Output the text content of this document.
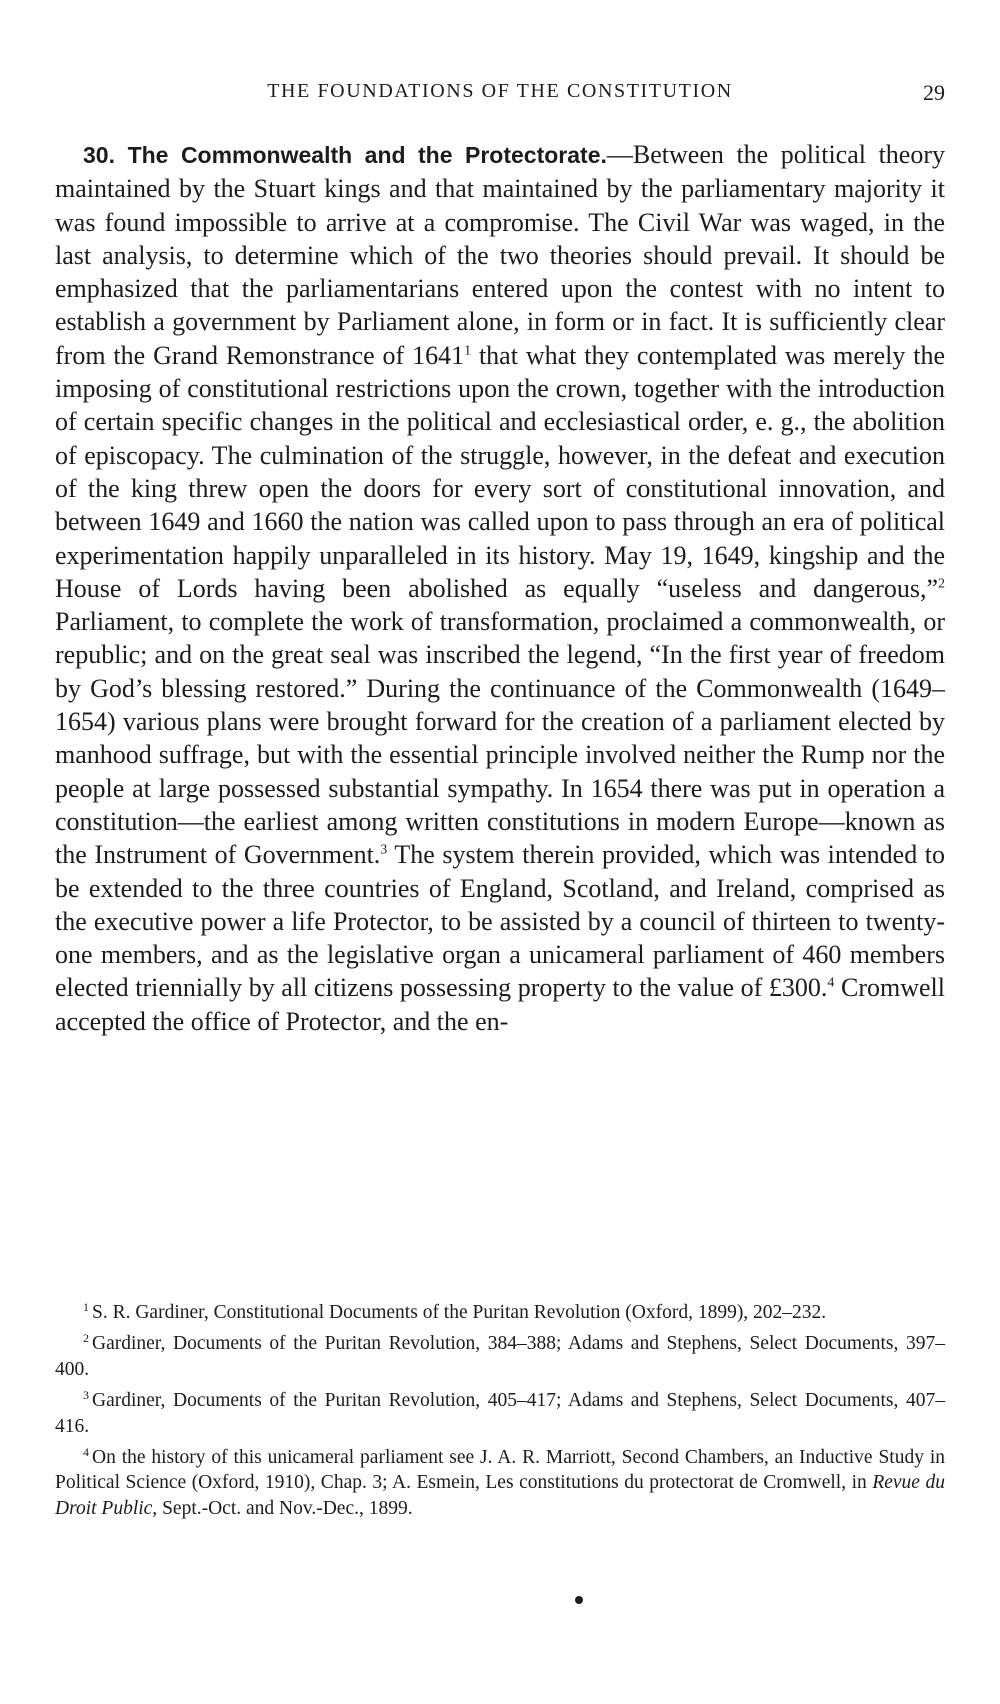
THE FOUNDATIONS OF THE CONSTITUTION	29

30. The Commonwealth and the Protectorate.—Between the political theory maintained by the Stuart kings and that maintained by the parliamentary majority it was found impossible to arrive at a compromise. The Civil War was waged, in the last analysis, to determine which of the two theories should prevail. It should be emphasized that the parliamentarians entered upon the contest with no intent to establish a government by Parliament alone, in form or in fact. It is sufficiently clear from the Grand Remonstrance of 1641$^1$ that what they contemplated was merely the imposing of constitutional restrictions upon the crown, together with the introduction of certain specific changes in the political and ecclesiastical order, e. g., the abolition of episcopacy. The culmination of the struggle, however, in the defeat and execution of the king threw open the doors for every sort of constitutional innovation, and between 1649 and 1660 the nation was called upon to pass through an era of political experimentation happily unparalleled in its history. May 19, 1649, kingship and the House of Lords having been abolished as equally “useless and dangerous,”$^2$ Parliament, to complete the work of transformation, proclaimed a commonwealth, or republic; and on the great seal was inscribed the legend, “In the first year of freedom by God’s blessing restored.” During the continuance of the Commonwealth (1649–1654) various plans were brought forward for the creation of a parliament elected by manhood suffrage, but with the essential principle involved neither the Rump nor the people at large possessed substantial sympathy. In 1654 there was put in operation a constitution—the earliest among written constitutions in modern Europe—known as the Instrument of Government.$^3$ The system therein provided, which was intended to be extended to the three countries of England, Scotland, and Ireland, comprised as the executive power a life Protector, to be assisted by a council of thirteen to twenty-one members, and as the legislative organ a unicameral parliament of 460 members elected triennially by all citizens possessing property to the value of £300.$^4$ Cromwell accepted the office of Protector, and the en-

$^1$ S. R. Gardiner, Constitutional Documents of the Puritan Revolution (Oxford, 1899), 202–232.

$^2$ Gardiner, Documents of the Puritan Revolution, 384–388; Adams and Stephens, Select Documents, 397–400.

$^3$ Gardiner, Documents of the Puritan Revolution, 405–417; Adams and Stephens, Select Documents, 407–416.

$^4$ On the history of this unicameral parliament see J. A. R. Marriott, Second Chambers, an Inductive Study in Political Science (Oxford, 1910), Chap. 3; A. Esmein, Les constitutions du protectorat de Cromwell, in Revue du Droit Public, Sept.-Oct. and Nov.-Dec., 1899.
